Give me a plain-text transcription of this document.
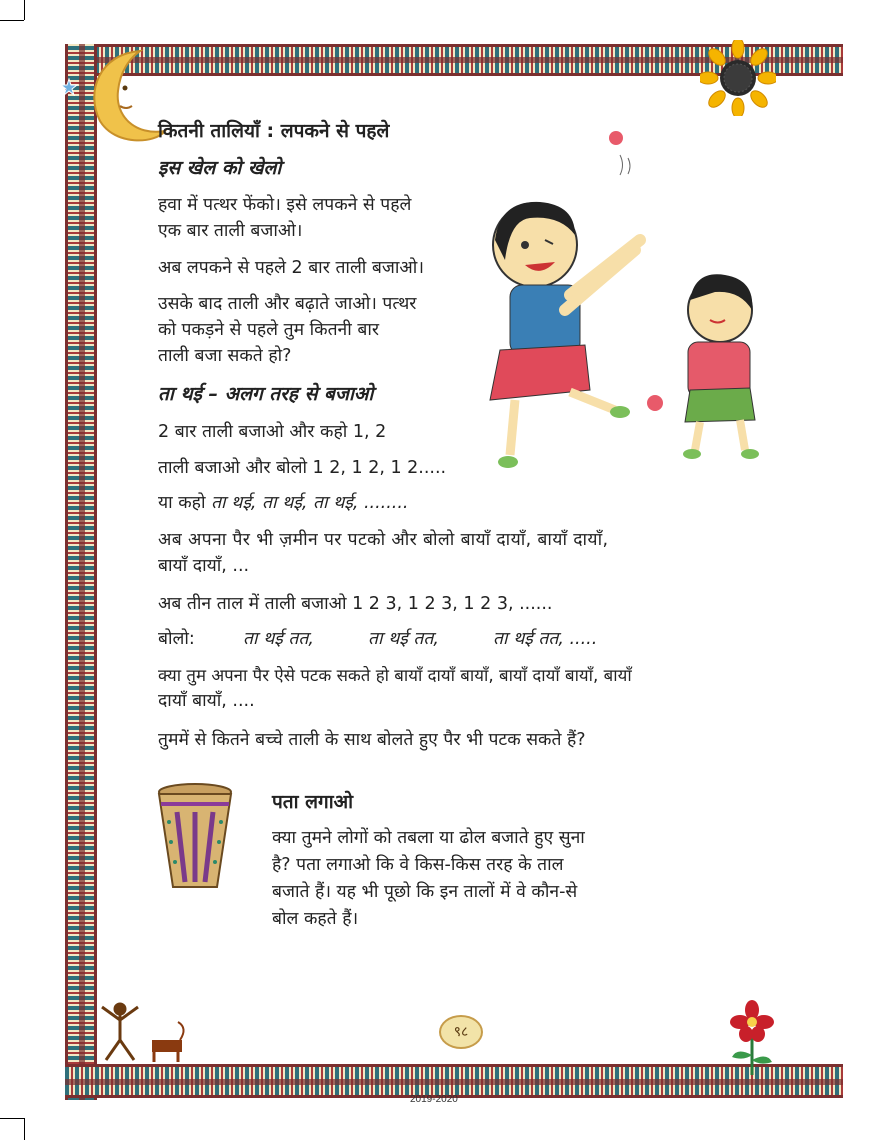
कितनी तालियाँ : लपकने से पहले
इस खेल को खेलो
हवा में पत्थर फेंको। इसे लपकने से पहले
एक बार ताली बजाओ।
अब लपकने से पहले 2 बार ताली बजाओ।
उसके बाद ताली और बढ़ाते जाओ। पत्थर
को पकड़ने से पहले तुम कितनी बार
ताली बजा सकते हो?
ता थई – अलग तरह से बजाओ
2 बार ताली बजाओ और कहो 1, 2
ताली बजाओ और बोलो 1 2, 1 2, 1 2.....
या कहो ता थई, ता थई, ता थई, ........
अब अपना पैर भी ज़मीन पर पटको और बोलो बायाँ दायाँ, बायाँ दायाँ,
बायाँ दायाँ, ...
अब तीन ताल में ताली बजाओ 1 2 3, 1 2 3, 1 2 3, ......
बोलो:	ता थई तत,	ता थई तत,	ता थई तत, .....
क्या तुम अपना पैर ऐसे पटक सकते हो बायाँ दायाँ बायाँ, बायाँ दायाँ बायाँ, बायाँ
दायाँ बायाँ, ....
तुममें से कितने बच्चे ताली के साथ बोलते हुए पैर भी पटक सकते हैं?
पता लगाओ
क्या तुमने लोगों को तबला या ढोल बजाते हुए सुना
है? पता लगाओ कि वे किस-किस तरह के ताल
बजाते हैं। यह भी पूछो कि इन तालों में वे कौन-से
बोल कहते हैं।
९८
2019-2020
